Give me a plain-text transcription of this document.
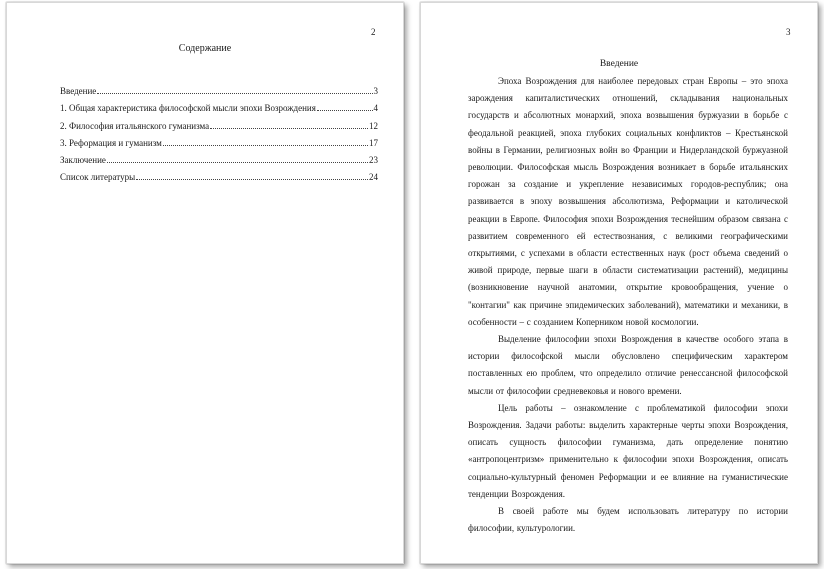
2
Содержание
Введение	3
1. Общая характеристика философской мысли эпохи Возрождения	4
2. Философия итальянского гуманизма	12
3. Реформация и гуманизм	17
Заключение	23
Список литературы	24
3
Введение

Эпоха Возрождения для наиболее передовых стран Европы – это эпоха зарождения капиталистических отношений, складывания национальных государств и абсолютных монархий, эпоха возвышения буржуазии в борьбе с феодальной реакцией, эпоха глубоких социальных конфликтов – Крестьянской войны в Германии, религиозных войн во Франции и Нидерландской буржуазной революции. Философская мысль Возрождения возникает в борьбе итальянских горожан за создание и укрепление независимых городов-республик; она развивается в эпоху возвышения абсолютизма, Реформации и католической реакции в Европе. Философия эпохи Возрождения теснейшим образом связана с развитием современного ей естествознания, с великими географическими открытиями, с успехами в области естественных наук (рост объема сведений о живой природе, первые шаги в области систематизации растений), медицины (возникновение научной анатомии, открытие кровообращения, учение о "контагии" как причине эпидемических заболеваний), математики и механики, в особенности – с созданием Коперником новой космологии.

Выделение философии эпохи Возрождения в качестве особого этапа в истории философской мысли обусловлено специфическим характером поставленных ею проблем, что определило отличие ренессансной философской мысли от философии средневековья и нового времени.

Цель работы – ознакомление с проблематикой философии эпохи Возрождения. Задачи работы: выделить характерные черты эпохи Возрождения, описать сущность философии гуманизма, дать определение понятию «антропоцентризм» применительно к философии эпохи Возрождения, описать социально-культурный феномен Реформации и ее влияние на гуманистические тенденции Возрождения.

В своей работе мы будем использовать литературу по истории философии, культурологии.
